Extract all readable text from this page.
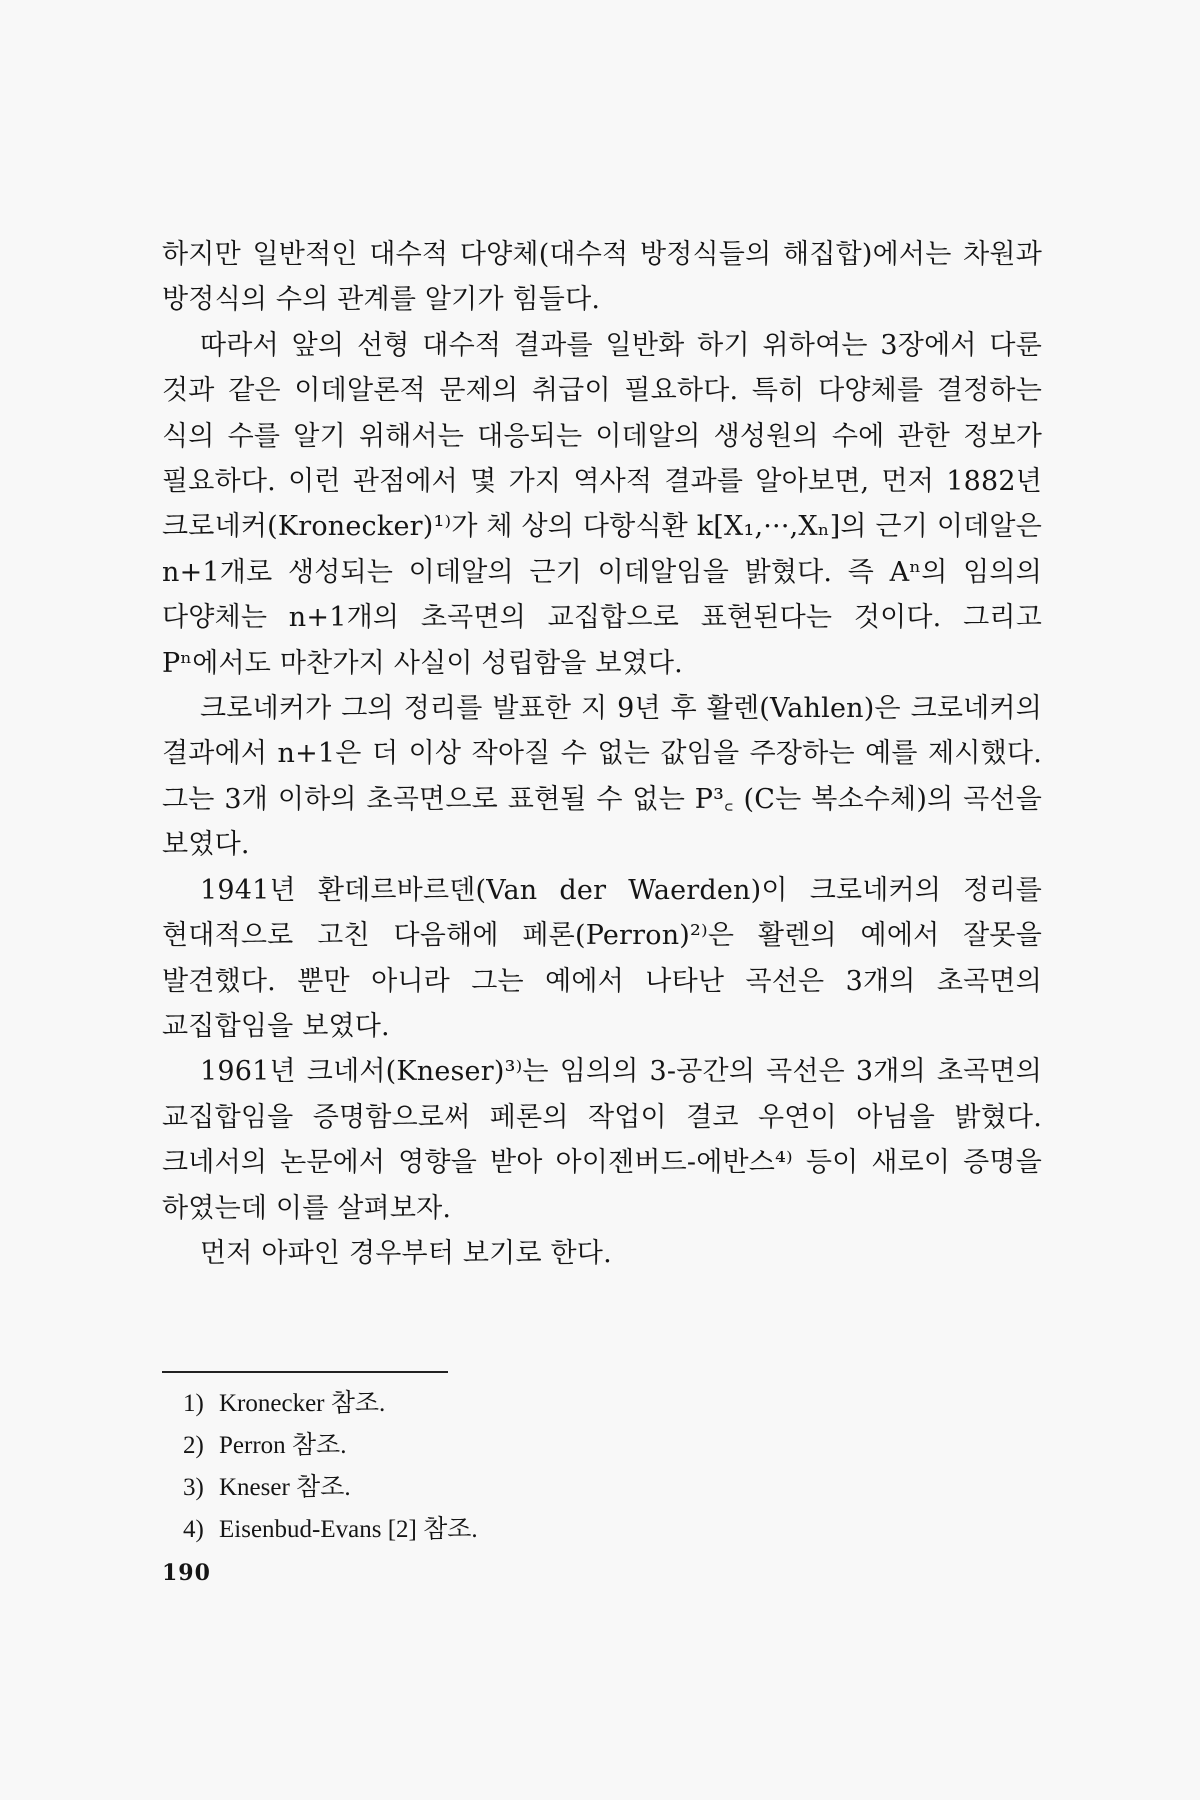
하지만 일반적인 대수적 다양체(대수적 방정식들의 해집합)에서는 차원과 방정식의 수의 관계를 알기가 힘들다.

따라서 앞의 선형 대수적 결과를 일반화 하기 위하여는 3장에서 다룬 것과 같은 이데알론적 문제의 취급이 필요하다. 특히 다양체를 결정하는 식의 수를 알기 위해서는 대응되는 이데알의 생성원의 수에 관한 정보가 필요하다. 이런 관점에서 몇 가지 역사적 결과를 알아보면, 먼저 1882년 크로네커(Kronecker)¹⁾가 체 상의 다항식환 k[X₁,···,Xₙ]의 근기 이데알은 n+1개로 생성되는 이데알의 근기 이데알임을 밝혔다. 즉 Aⁿ의 임의의 다양체는 n+1개의 초곡면의 교집합으로 표현된다는 것이다. 그리고 Pⁿ에서도 마찬가지 사실이 성립함을 보였다.

크로네커가 그의 정리를 발표한 지 9년 후 활렌(Vahlen)은 크로네커의 결과에서 n+1은 더 이상 작아질 수 없는 값임을 주장하는 예를 제시했다. 그는 3개 이하의 초곡면으로 표현될 수 없는 P³꜀ (C는 복소수체)의 곡선을 보였다.

1941년 환데르바르덴(Van der Waerden)이 크로네커의 정리를 현대적으로 고친 다음해에 페론(Perron)²⁾은 활렌의 예에서 잘못을 발견했다. 뿐만 아니라 그는 예에서 나타난 곡선은 3개의 초곡면의 교집합임을 보였다.

1961년 크네서(Kneser)³⁾는 임의의 3-공간의 곡선은 3개의 초곡면의 교집합임을 증명함으로써 페론의 작업이 결코 우연이 아님을 밝혔다. 크네서의 논문에서 영향을 받아 아이젠버드-에반스⁴⁾ 등이 새로이 증명을 하였는데 이를 살펴보자.

먼저 아파인 경우부터 보기로 한다.

1) Kronecker 참조.
2) Perron 참조.
3) Kneser 참조.
4) Eisenbud-Evans [2] 참조.
190
